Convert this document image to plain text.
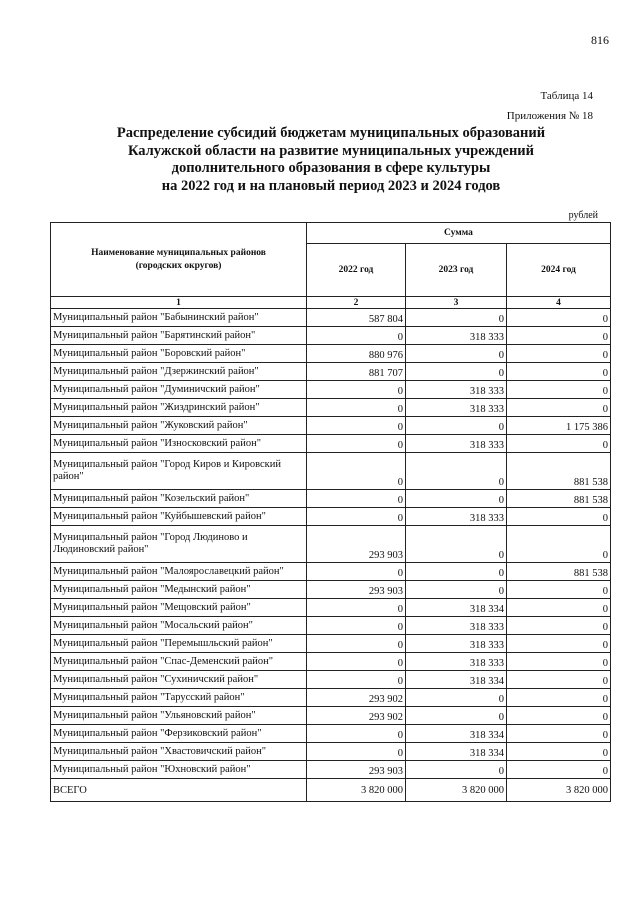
816
Таблица 14
Приложения № 18
Распределение субсидий бюджетам муниципальных образований
Калужской области на развитие муниципальных учреждений
дополнительного образования в сфере культуры
на 2022 год и на плановый период 2023 и 2024 годов
рублей
Наименование муниципальных районов
(городских округов)	Сумма		
	2022 год	2023 год	2024 год
1	2	3	4
Муниципальный район "Бабынинский район"	587 804	0	0
Муниципальный район "Барятинский район"	0	318 333	0
Муниципальный район "Боровский район"	880 976	0	0
Муниципальный район "Дзержинский район"	881 707	0	0
Муниципальный район "Думиничский район"	0	318 333	0
Муниципальный район "Жиздринский район"	0	318 333	0
Муниципальный район "Жуковский район"	0	0	1 175 386
Муниципальный район "Износковский район"	0	318 333	0
Муниципальный район "Город Киров и Кировский район"	0	0	881 538
Муниципальный район "Козельский район"	0	0	881 538
Муниципальный район "Куйбышевский район"	0	318 333	0
Муниципальный район "Город Людиново и Людиновский район"	293 903	0	0
Муниципальный район "Малоярославецкий район"	0	0	881 538
Муниципальный район "Медынский район"	293 903	0	0
Муниципальный район "Мещовский район"	0	318 334	0
Муниципальный район "Мосальский район"	0	318 333	0
Муниципальный район "Перемышльский район"	0	318 333	0
Муниципальный район "Спас-Деменский район"	0	318 333	0
Муниципальный район "Сухиничский район"	0	318 334	0
Муниципальный район "Тарусский район"	293 902	0	0
Муниципальный район "Ульяновский район"	293 902	0	0
Муниципальный район "Ферзиковский район"	0	318 334	0
Муниципальный район "Хвастовичский район"	0	318 334	0
Муниципальный район "Юхновский район"	293 903	0	0
ВСЕГО	3 820 000	3 820 000	3 820 000
